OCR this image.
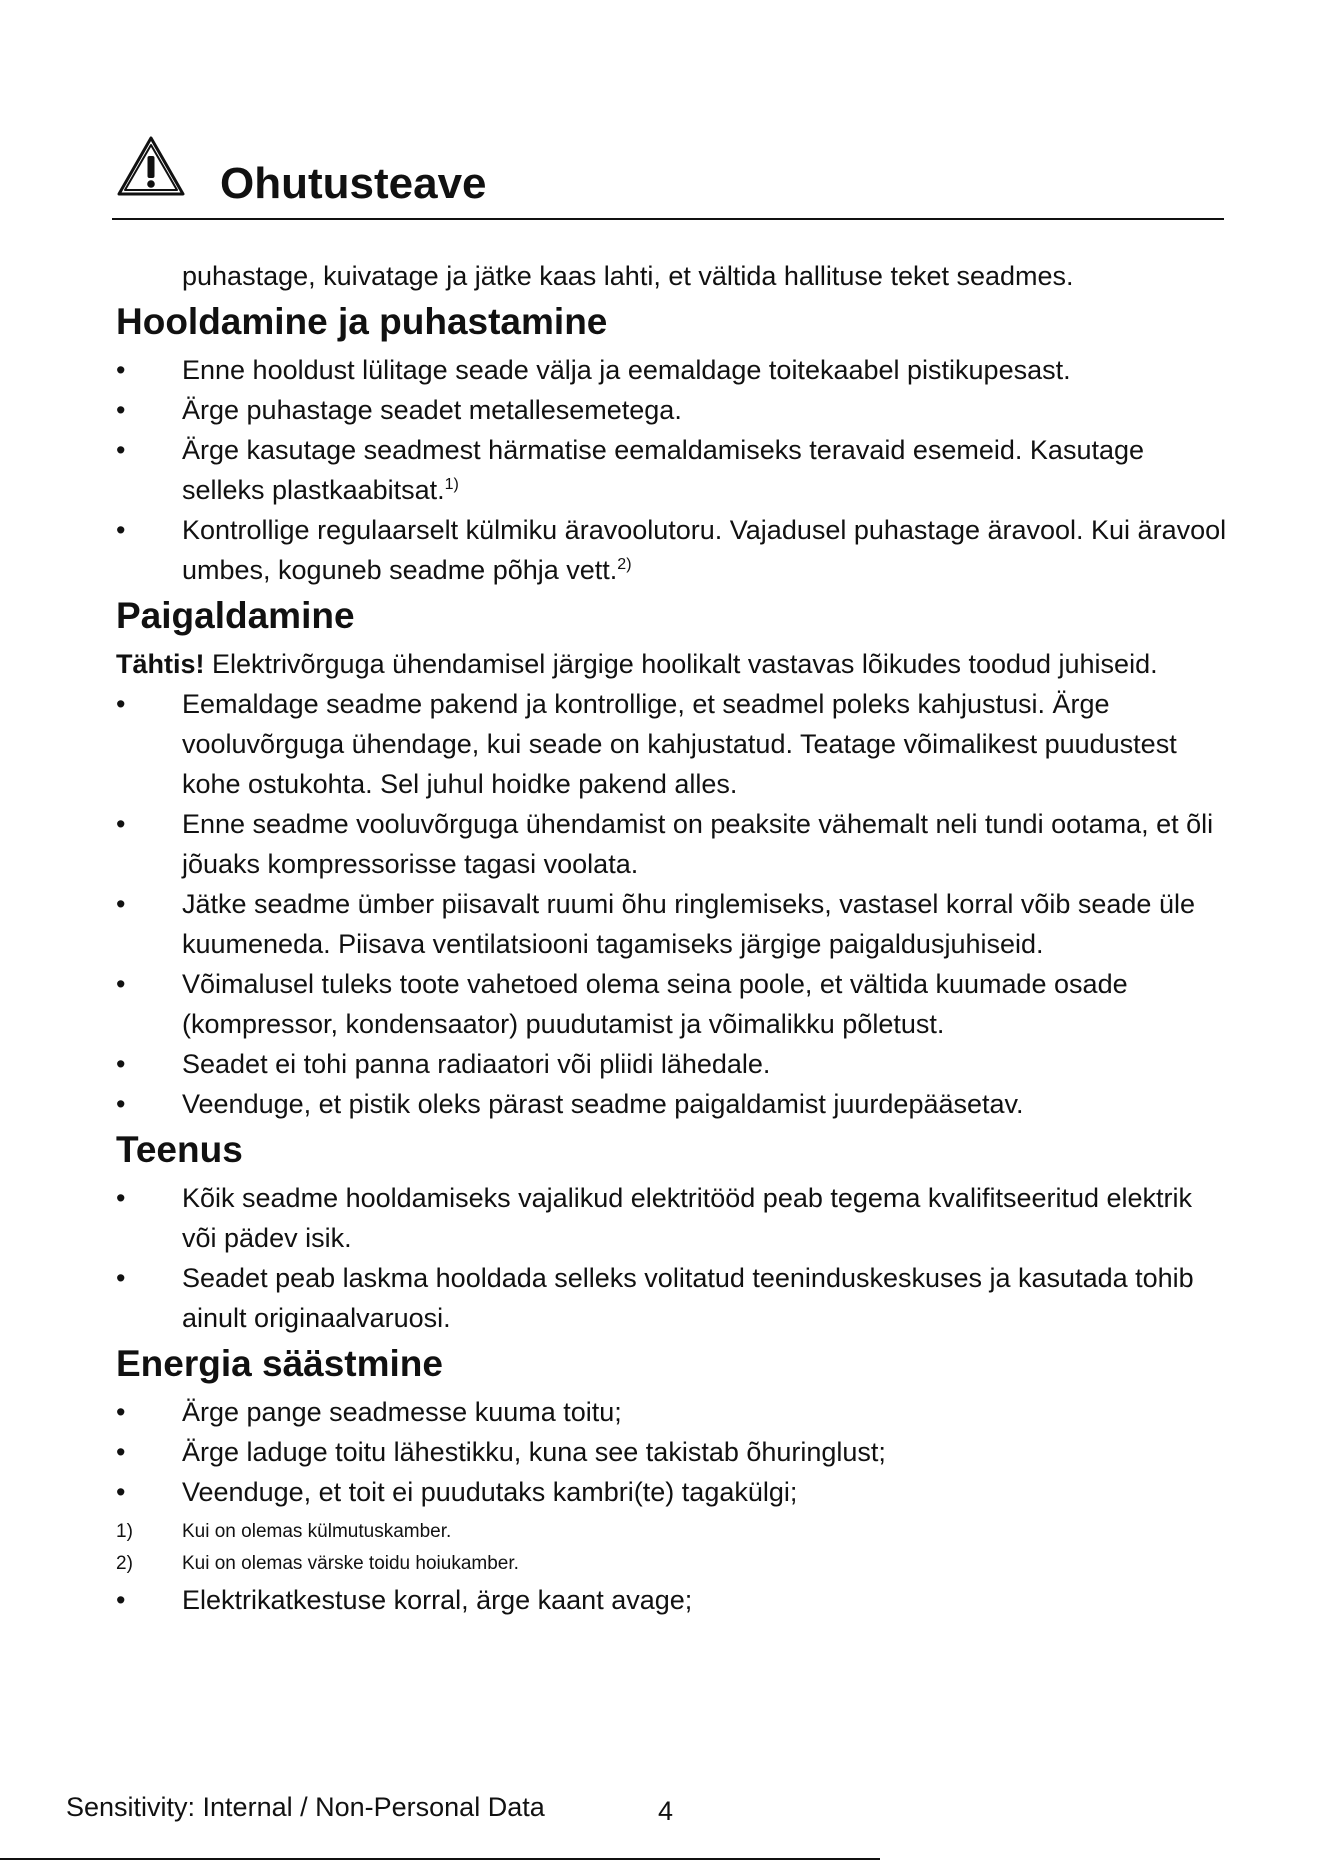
Ohutusteave

puhastage, kuivatage ja jätke kaas lahti, et vältida hallituse teket seadmes.

Hooldamine ja puhastamine
•	Enne hooldust lülitage seade välja ja eemaldage toitekaabel pistikupesast.
•	Ärge puhastage seadet metallesemetega.
•	Ärge kasutage seadmest härmatise eemaldamiseks teravaid esemeid. Kasutage selleks plastkaabitsat.$^{1)}$
•	Kontrollige regulaarselt külmiku äravoolutoru. Vajadusel puhastage äravool. Kui äravool umbes, koguneb seadme põhja vett.$^{2)}$
Paigaldamine

Tähtis! Elektrivõrguga ühendamisel järgige hoolikalt vastavas lõikudes toodud juhiseid.

•	Eemaldage seadme pakend ja kontrollige, et seadmel poleks kahjustusi. Ärge vooluvõrguga ühendage, kui seade on kahjustatud. Teatage võimalikest puudustest kohe ostukohta. Sel juhul hoidke pakend alles.
•	Enne seadme vooluvõrguga ühendamist on peaksite vähemalt neli tundi ootama, et õli jõuaks kompressorisse tagasi voolata.
•	Jätke seadme ümber piisavalt ruumi õhu ringlemiseks, vastasel korral võib seade üle kuumeneda. Piisava ventilatsiooni tagamiseks järgige paigaldusjuhiseid.
•	Võimalusel tuleks toote vahetoed olema seina poole, et vältida kuumade osade (kompressor, kondensaator) puudutamist ja võimalikku põletust.
•	Seadet ei tohi panna radiaatori või pliidi lähedale.
•	Veenduge, et pistik oleks pärast seadme paigaldamist juurdepääsetav.
Teenus
•	Kõik seadme hooldamiseks vajalikud elektritööd peab tegema kvalifitseeritud elektrik või pädev isik.
•	Seadet peab laskma hooldada selleks volitatud teeninduskeskuses ja kasutada tohib ainult originaalvaruosi.
Energia säästmine
•	Ärge pange seadmesse kuuma toitu;
•	Ärge laduge toitu lähestikku, kuna see takistab õhuringlust;
•	Veenduge, et toit ei puudutaks kambri(te) tagakülgi;
1)	Kui on olemas külmutuskamber.
2)	Kui on olemas värske toidu hoiukamber.
•	Elektrikatkestuse korral, ärge kaant avage;
Sensitivity: Internal / Non-Personal Data	4
